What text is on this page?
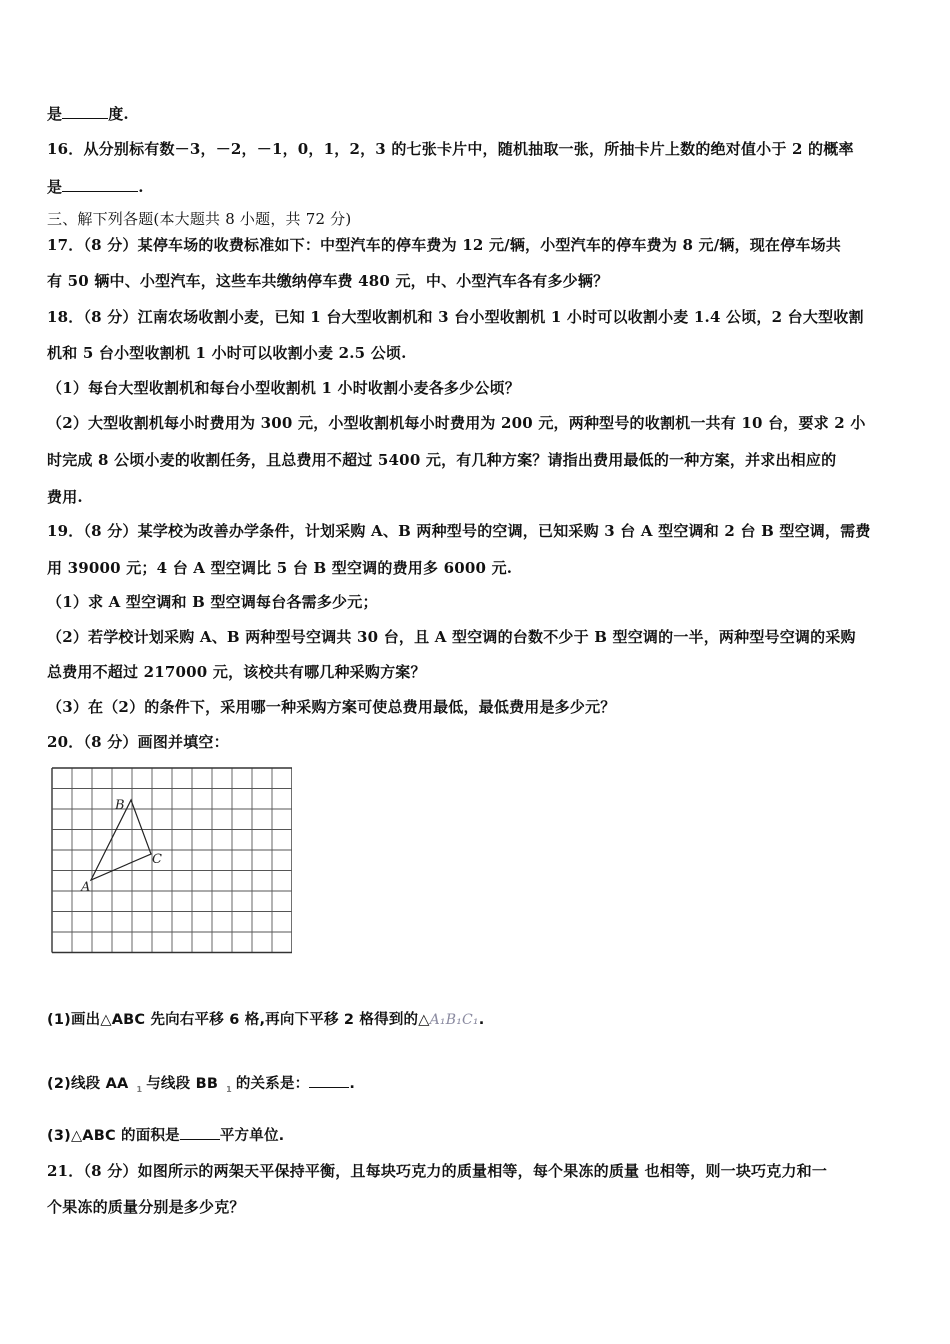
是	度.
16．从分别标有数－3，－2，－1，0，1，2，3 的七张卡片中，随机抽取一张，所抽卡片上数的绝对值小于 2 的概率
是	.
三、解下列各题(本大题共 8 小题，共 72 分)
17．（8 分）某停车场的收费标准如下：中型汽车的停车费为 12 元/辆，小型汽车的停车费为 8 元/辆，现在停车场共
有 50 辆中、小型汽车，这些车共缴纳停车费 480 元，中、小型汽车各有多少辆？
18．（8 分）江南农场收割小麦，已知 1 台大型收割机和 3 台小型收割机 1 小时可以收割小麦 1.4 公顷，2 台大型收割
机和 5 台小型收割机 1 小时可以收割小麦 2.5 公顷.
（1）每台大型收割机和每台小型收割机 1 小时收割小麦各多少公顷？
（2）大型收割机每小时费用为 300 元，小型收割机每小时费用为 200 元，两种型号的收割机一共有 10 台，要求 2 小
时完成 8 公顷小麦的收割任务，且总费用不超过 5400 元，有几种方案？请指出费用最低的一种方案，并求出相应的
费用.
19．（8 分）某学校为改善办学条件，计划采购 A、B 两种型号的空调，已知采购 3 台 A 型空调和 2 台 B 型空调，需费
用 39000 元；4 台 A 型空调比 5 台 B 型空调的费用多 6000 元.
（1）求 A 型空调和 B 型空调每台各需多少元；
（2）若学校计划采购 A、B 两种型号空调共 30 台，且 A 型空调的台数不少于 B 型空调的一半，两种型号空调的采购
总费用不超过 217000 元，该校共有哪几种采购方案？
（3）在（2）的条件下，采用哪一种采购方案可使总费用最低，最低费用是多少元？
20．（8 分）画图并填空：
A
B
C
(1)画出△ABC 先向右平移 6 格,再向下平移 2 格得到的△A₁B₁C₁.
(2)线段 AA $_1$ 与线段 BB $_1$ 的关系是：	.
(3)△ABC 的面积是	平方单位.
21．（8 分）如图所示的两架天平保持平衡，且每块巧克力的质量相等，每个果冻的质量 也相等，则一块巧克力和一
个果冻的质量分别是多少克？
